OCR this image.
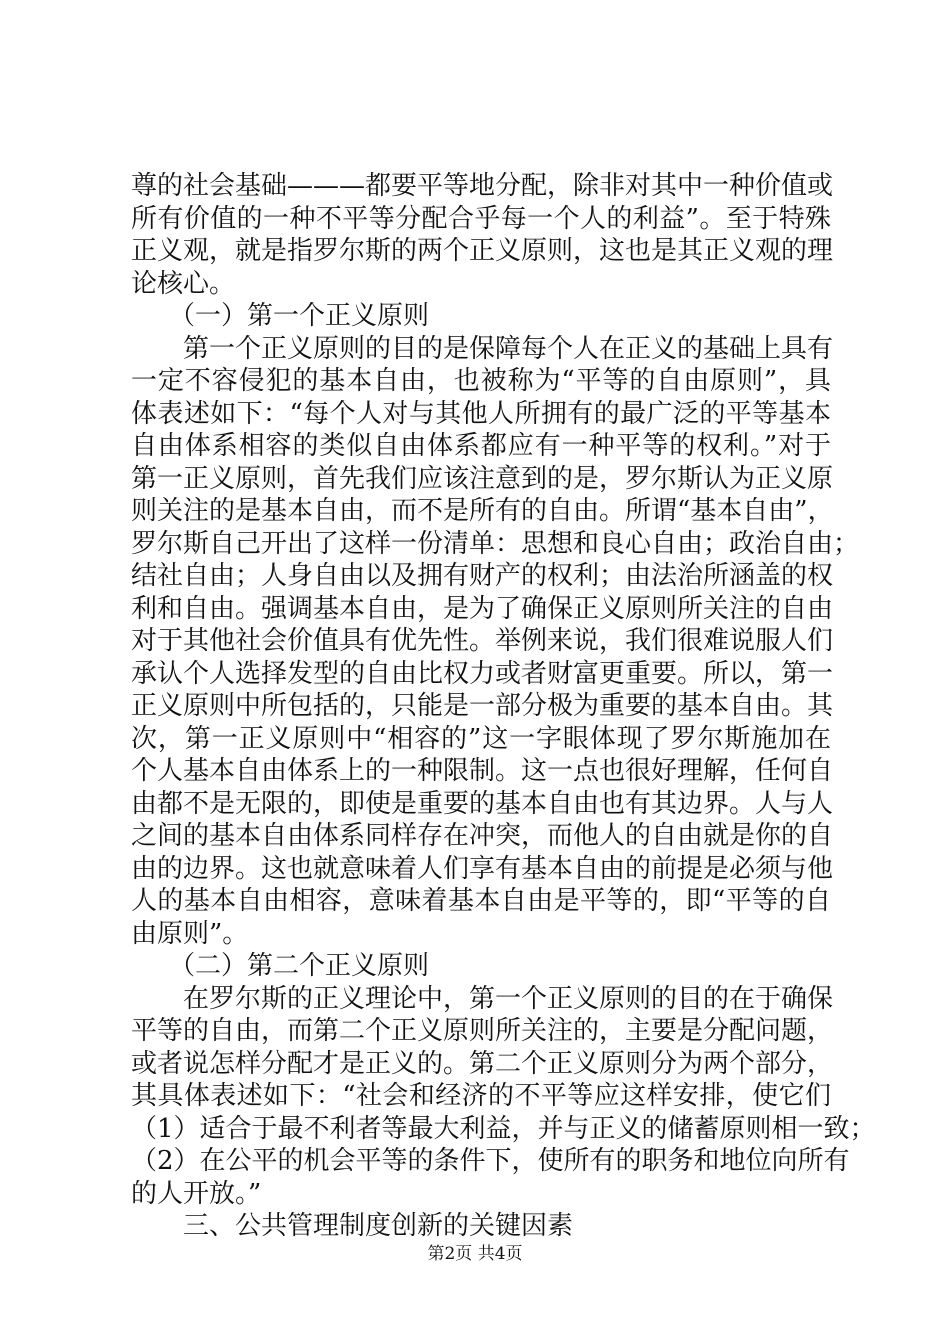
尊的社会基础———都要平等地分配，除非对其中一种价值或
所有价值的一种不平等分配合乎每一个人的利益”。至于特殊
正义观，就是指罗尔斯的两个正义原则，这也是其正义观的理
论核心。
（一）第一个正义原则
第一个正义原则的目的是保障每个人在正义的基础上具有
一定不容侵犯的基本自由，也被称为“平等的自由原则”，具
体表述如下：“每个人对与其他人所拥有的最广泛的平等基本
自由体系相容的类似自由体系都应有一种平等的权利。”对于
第一正义原则，首先我们应该注意到的是，罗尔斯认为正义原
则关注的是基本自由，而不是所有的自由。所谓“基本自由”，
罗尔斯自己开出了这样一份清单：思想和良心自由；政治自由；
结社自由；人身自由以及拥有财产的权利；由法治所涵盖的权
利和自由。强调基本自由，是为了确保正义原则所关注的自由
对于其他社会价值具有优先性。举例来说，我们很难说服人们
承认个人选择发型的自由比权力或者财富更重要。所以，第一
正义原则中所包括的，只能是一部分极为重要的基本自由。其
次，第一正义原则中“相容的”这一字眼体现了罗尔斯施加在
个人基本自由体系上的一种限制。这一点也很好理解，任何自
由都不是无限的，即使是重要的基本自由也有其边界。人与人
之间的基本自由体系同样存在冲突，而他人的自由就是你的自
由的边界。这也就意味着人们享有基本自由的前提是必须与他
人的基本自由相容，意味着基本自由是平等的，即“平等的自
由原则”。
（二）第二个正义原则
在罗尔斯的正义理论中，第一个正义原则的目的在于确保
平等的自由，而第二个正义原则所关注的，主要是分配问题，
或者说怎样分配才是正义的。第二个正义原则分为两个部分，
其具体表述如下：“社会和经济的不平等应这样安排，使它们
（1）适合于最不利者等最大利益，并与正义的储蓄原则相一致；
（2）在公平的机会平等的条件下，使所有的职务和地位向所有
的人开放。”
三、公共管理制度创新的关键因素
第2页 共4页
